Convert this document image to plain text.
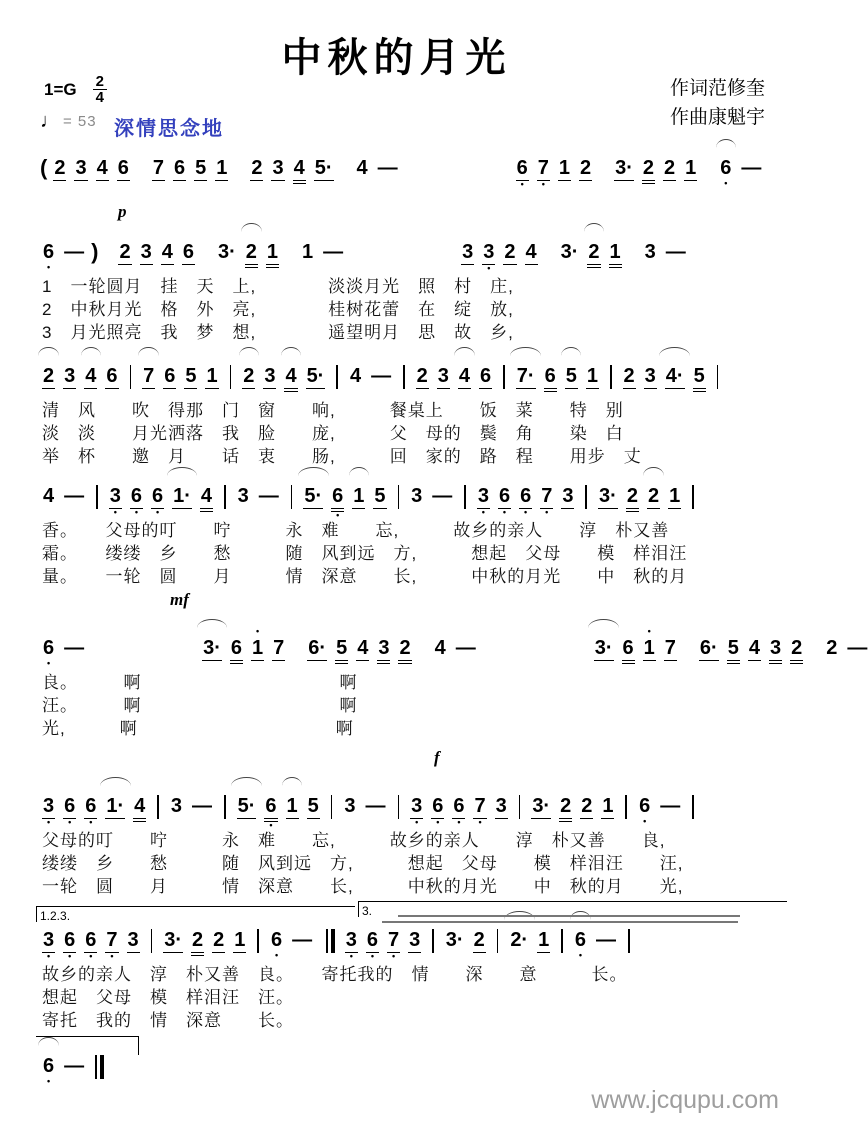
中秋的月光
$1=G \frac{2}{4}$
♩ = 53 深情思念地
作词范修奎
作曲康魁宇
p
mf
f
( 2 3 4 6 7 6 5 1 2 3 4 5· 4 —	6
•
7
•
1 2 3· 2 2 1 6
•
—
6
•
— ) 2 3 4 6 3· 2 1 1 —	3 3
•
2 4 3· 2 1 3 —
1　一轮圆月　挂　天　上,　　　　淡淡月光　照　村　庄,
2　中秋月光　格　外　亮,　　　　桂树花蕾　在　绽　放,
3　月光照亮　我　梦　想,　　　　遥望明月　思　故　乡,
2 3 4 6 7 6 5 1 2 3 4 5· 4 — 2 3 4 6 7· 6 5 1 2 3 4· 5
清　风　　吹　得那　门　窗　　响,　　　餐桌上　　饭　菜　　特　别
淡　淡　　月光洒落　我　脸　　庞,　　　父　母的　鬓　角　　染　白
举　杯　　邀　月　　话　衷　　肠,　　　回　家的　路　程　　用步　丈
4 — 3
•
6
•
6
•
1· 4 3 — 5· 6
•
1 5 3 — 3
•
6
•
6
•
7
•
3 3· 2 2 1
香。　　父母的叮　　咛　　　永　难　　忘,　　　故乡的亲人　　淳　朴又善
霜。　　缕缕　乡　　愁　　　随　风到远　方,　　　想起　父母　　模　样泪汪
量。　　一轮　圆　　月　　　情　深意　　长,　　　中秋的月光　　中　秋的月
6
•
—	3· 6
•
1 7 6· 5 4 3 2 4 —	3· 6
•
1 7 6· 5 4 3 2 2 —
良。　　　啊　　　　　　　　　　　啊
汪。　　　啊　　　　　　　　　　　啊
光,　　　啊　　　　　　　　　　　啊
3
•
6
•
6
•
1· 4 3 — 5· 6
•
1 5 3 — 3
•
6
•
6
•
7
•
3 3· 2 2 1 6
•
—
父母的叮　　咛　　　永　难　　忘,　　　故乡的亲人　　淳　朴又善　　良,
缕缕　乡　　愁　　　随　风到远　方,　　　想起　父母　　模　样泪汪　　汪,
一轮　圆　　月　　　情　深意　　长,　　　中秋的月光　　中　秋的月　　光,
3
•
6
•
6
•
7
•
3 3· 2 2 1 6
•
— 3
•
6
•
7
•
3 3· 2 2· 1 6
•
—
故乡的亲人　淳　朴又善　良。　　寄托我的　情　　深　　意　　　长。
想起　父母　模　样泪汪　汪。
寄托　我的　情　深意　　长。
6
•
—
1.2.3.	3.
www.jcqupu.com
